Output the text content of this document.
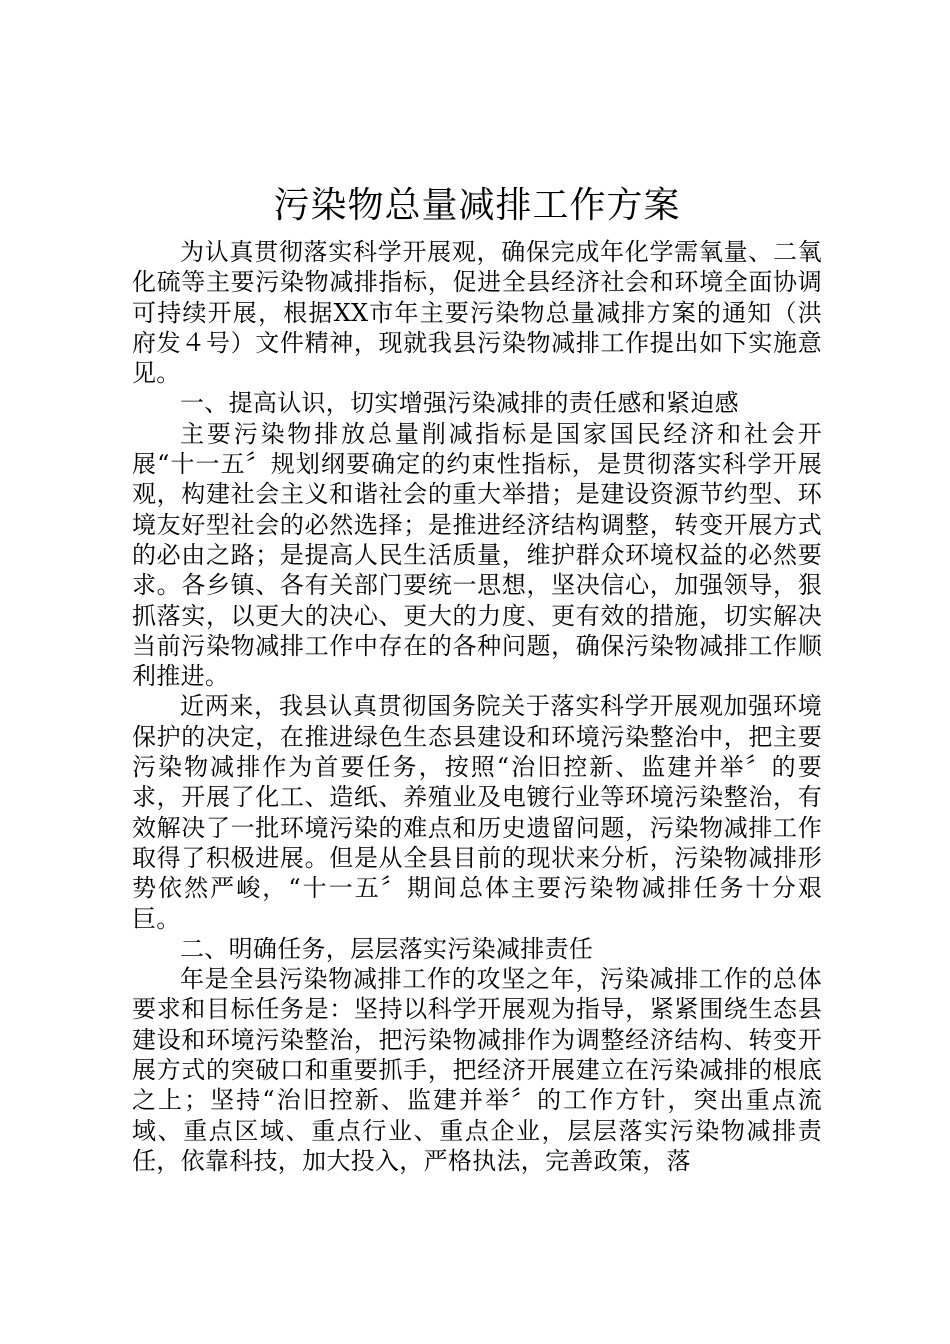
污染物总量减排工作方案

为认真贯彻落实科学开展观，确保完成年化学需氧量、二氧化硫等主要污染物减排指标，促进全县经济社会和环境全面协调可持续开展，根据XX市年主要污染物总量减排方案的通知（洪府发４号）文件精神，现就我县污染物减排工作提出如下实施意见。

一、提高认识，切实增强污染减排的责任感和紧迫感

主要污染物排放总量削减指标是国家国民经济和社会开展“十一五〞规划纲要确定的约束性指标，是贯彻落实科学开展观，构建社会主义和谐社会的重大举措；是建设资源节约型、环境友好型社会的必然选择；是推进经济结构调整，转变开展方式的必由之路；是提高人民生活质量，维护群众环境权益的必然要求。各乡镇、各有关部门要统一思想，坚决信心，加强领导，狠抓落实，以更大的决心、更大的力度、更有效的措施，切实解决当前污染物减排工作中存在的各种问题，确保污染物减排工作顺利推进。

近两来，我县认真贯彻国务院关于落实科学开展观加强环境保护的决定，在推进绿色生态县建设和环境污染整治中，把主要污染物减排作为首要任务，按照“治旧控新、监建并举〞的要求，开展了化工、造纸、养殖业及电镀行业等环境污染整治，有效解决了一批环境污染的难点和历史遗留问题，污染物减排工作取得了积极进展。但是从全县目前的现状来分析，污染物减排形势依然严峻，“十一五〞期间总体主要污染物减排任务十分艰巨。

二、明确任务，层层落实污染减排责任

年是全县污染物减排工作的攻坚之年，污染减排工作的总体要求和目标任务是：坚持以科学开展观为指导，紧紧围绕生态县建设和环境污染整治，把污染物减排作为调整经济结构、转变开展方式的突破口和重要抓手，把经济开展建立在污染减排的根底之上；坚持“治旧控新、监建并举〞的工作方针，突出重点流域、重点区域、重点行业、重点企业，层层落实污染物减排责任，依靠科技，加大投入，严格执法，完善政策，落
